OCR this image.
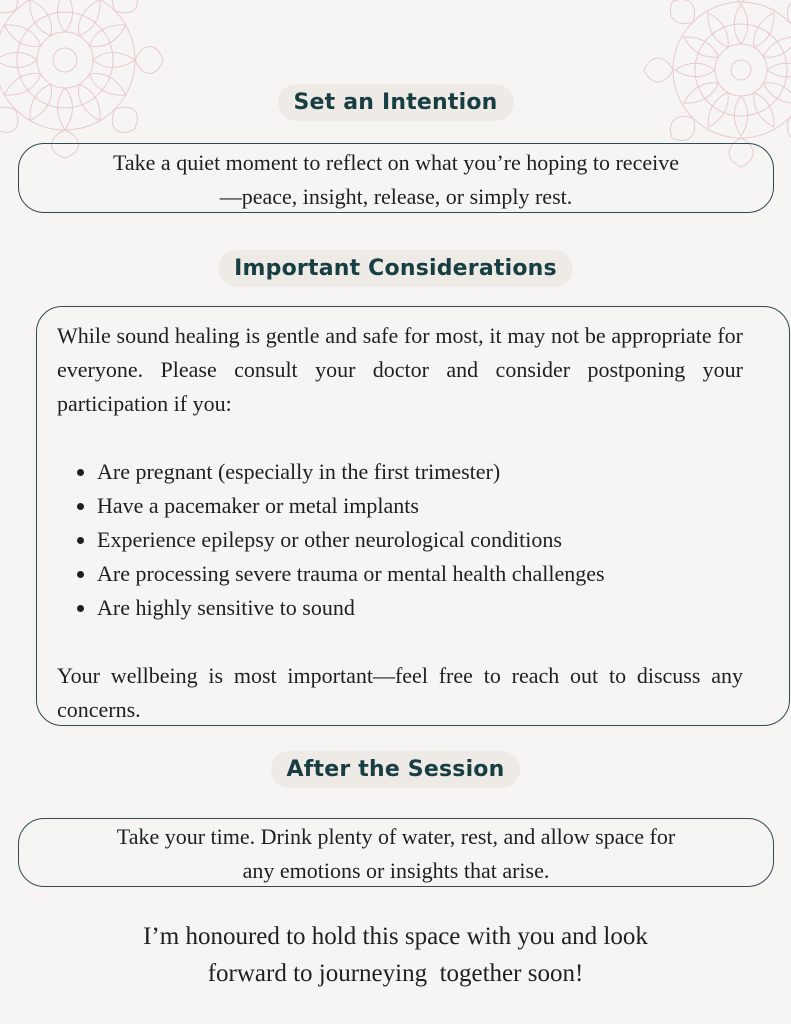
Set an Intention
Take a quiet moment to reflect on what you’re hoping to receive
—peace, insight, release, or simply rest.
Important Considerations

While sound healing is gentle and safe for most, it may not be appropriate for everyone. Please consult your doctor and consider postponing your participation if you:

• Are pregnant (especially in the first trimester)
• Have a pacemaker or metal implants
• Experience epilepsy or other neurological conditions
• Are processing severe trauma or mental health challenges
• Are highly sensitive to sound

Your wellbeing is most important—feel free to reach out to discuss any concerns.

After the Session
Take your time. Drink plenty of water, rest, and allow space for
any emotions or insights that arise.
I’m honoured to hold this space with you and look
forward to journeying  together soon!
